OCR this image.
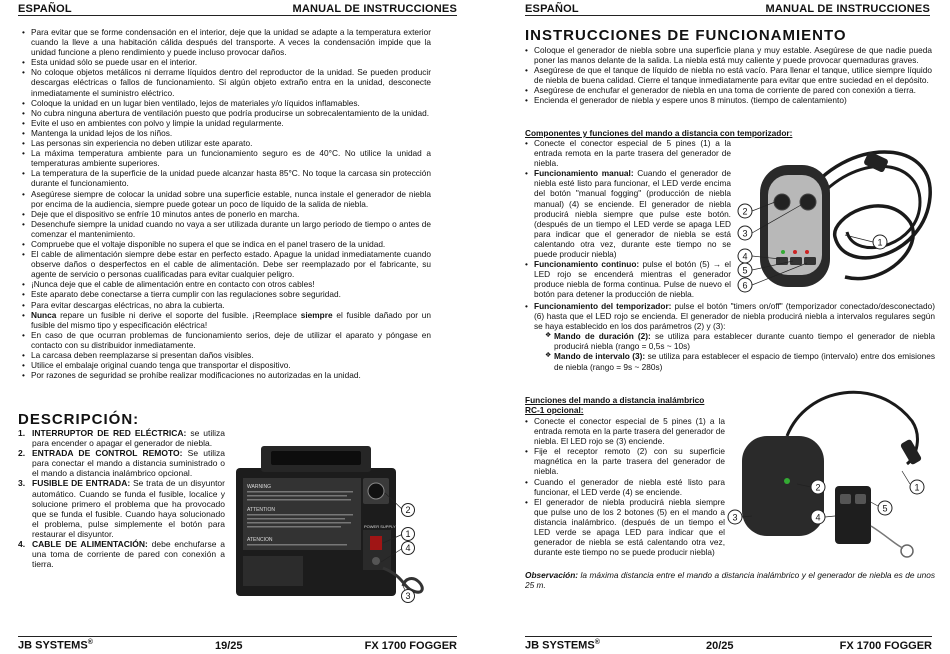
ESPAÑOL	MANUAL DE INSTRUCCIONES
• Para evitar que se forme condensación en el interior, deje que la unidad se adapte a la temperatura exterior cuando la lleve a una habitación cálida después del transporte. A veces la condensación impide que la unidad funcione a pleno rendimiento y puede incluso provocar daños.
• Esta unidad sólo se puede usar en el interior.
• No coloque objetos metálicos ni derrame líquidos dentro del reproductor de la unidad. Se pueden producir descargas eléctricas o fallos de funcionamiento. Si algún objeto extraño entra en la unidad, desconecte inmediatamente el suministro eléctrico.
• Coloque la unidad en un lugar bien ventilado, lejos de materiales y/o líquidos inflamables.
• No cubra ninguna abertura de ventilación puesto que podría producirse un sobrecalentamiento de la unidad.
• Evite el uso en ambientes con polvo y limpie la unidad regularmente.
• Mantenga la unidad lejos de los niños.
• Las personas sin experiencia no deben utilizar este aparato.
• La máxima temperatura ambiente para un funcionamiento seguro es de 40°C. No utilice la unidad a temperaturas ambiente superiores.
• La temperatura de la superficie de la unidad puede alcanzar hasta 85°C. No toque la carcasa sin protección durante el funcionamiento.
• Asegúrese siempre de colocar la unidad sobre una superficie estable, nunca instale el generador de niebla por encima de la audiencia, siempre puede gotear un poco de líquido de la salida de niebla.
• Deje que el dispositivo se enfríe 10 minutos antes de ponerlo en marcha.
• Desenchufe siempre la unidad cuando no vaya a ser utilizada durante un largo periodo de tiempo o antes de comenzar el mantenimiento.
• Compruebe que el voltaje disponible no supera el que se indica en el panel trasero de la unidad.
• El cable de alimentación siempre debe estar en perfecto estado. Apague la unidad inmediatamente cuando observe daños o desperfectos en el cable de alimentación. Debe ser reemplazado por el fabricante, su agente de servicio o personas cualificadas para evitar cualquier peligro.
• ¡Nunca deje que el cable de alimentación entre en contacto con otros cables!
• Este aparato debe conectarse a tierra cumplir con las regulaciones sobre seguridad.
• Para evitar descargas eléctricas, no abra la cubierta.
• Nunca repare un fusible ni derive el soporte del fusible. ¡Reemplace siempre el fusible dañado por un fusible del mismo tipo y especificación eléctrica!
• En caso de que ocurran problemas de funcionamiento serios, deje de utilizar el aparato y póngase en contacto con su distribuidor inmediatamente.
• La carcasa deben reemplazarse si presentan daños visibles.
• Utilice el embalaje original cuando tenga que transportar el dispositivo.
• Por razones de seguridad se prohíbe realizar modificaciones no autorizadas en la unidad.
DESCRIPCIÓN:
1. INTERRUPTOR DE RED ELÉCTRICA: se utiliza para encender o apagar el generador de niebla.
2. ENTRADA DE CONTROL REMOTO: Se utiliza para conectar el mando a distancia suministrado o el mando a distancia inalámbrico opcional.
3. FUSIBLE DE ENTRADA: Se trata de un disyuntor automático. Cuando se funda el fusible, localice y solucione primero el problema que ha provocado que se funda el fusible. Cuando haya solucionado el problema, pulse simplemente el botón para restaurar el disyuntor.
4. CABLE DE ALIMENTACIÓN: debe enchufarse a una toma de corriente de pared con conexión a tierra.
WARNING
ATTENTION
ATENCION
POWER SUPPLY
2
1
4
3
JB SYSTEMS®	19/25	FX 1700 FOGGER
ESPAÑOL	MANUAL DE INSTRUCCIONES
INSTRUCCIONES DE FUNCIONAMIENTO
• Coloque el generador de niebla sobre una superficie plana y muy estable. Asegúrese de que nadie pueda poner las manos delante de la salida. La niebla está muy caliente y puede provocar quemaduras graves.
• Asegúrese de que el tanque de líquido de niebla no está vacío. Para llenar el tanque, utilice siempre líquido de niebla de buena calidad. Cierre el tanque inmediatamente para evitar que entre suciedad en el depósito.
• Asegúrese de enchufar el generador de niebla en una toma de corriente de pared con conexión a tierra.
• Encienda el generador de niebla y espere unos 8 minutos. (tiempo de calentamiento)
Componentes y funciones del mando a distancia con temporizador:
• Conecte el conector especial de 5 pines (1) a la entrada remota en la parte trasera del generador de niebla.
• Funcionamiento manual: Cuando el generador de niebla esté listo para funcionar, el LED verde encima del botón "manual fogging" (producción de niebla manual) (4) se enciende. El generador de niebla producirá niebla siempre que pulse este botón. (después de un tiempo el LED verde se apaga LED para indicar que el generador de niebla se está calentando otra vez, durante este tiempo no se puede producir niebla)
• Funcionamiento continuo: pulse el botón (5) → el LED rojo se encenderá mientras el generador produce niebla de forma continua. Pulse de nuevo el botón para detener la producción de niebla.
• Funcionamiento del temporizador: pulse el botón "timers on/off" (temporizador conectado/desconectado) (6) hasta que el LED rojo se encienda. El generador de niebla producirá niebla a intervalos regulares según se haya establecido en los dos parámetros (2) y (3):
❖ Mando de duración (2): se utiliza para establecer durante cuanto tiempo el generador de niebla producirá niebla (rango = 0,5s ~ 10s)
❖ Mando de intervalo (3): se utiliza para establecer el espacio de tiempo (intervalo) entre dos emisiones de niebla (rango = 9s ~ 280s)
1
2
3
4
5
6
Funciones del mando a distancia inalámbrico
RC-1 opcional:
• Conecte el conector especial de 5 pines (1) a la entrada remota en la parte trasera del generador de niebla. El LED rojo se (3) enciende.
• Fije el receptor remoto (2) con su superficie magnética en la parte trasera del generador de niebla.
• Cuando el generador de niebla esté listo para funcionar, el LED verde (4) se enciende.
• El generador de niebla producirá niebla siempre que pulse uno de los 2 botones (5) en el mando a distancia inalámbrico. (después de un tiempo el LED verde se apaga LED para indicar que el generador de niebla se está calentando otra vez, durante este tiempo no se puede producir niebla)
1
2
3	4
5
Observación: la máxima distancia entre el mando a distancia inalámbrico y el generador de niebla es de unos 25 m.
JB SYSTEMS®	20/25	FX 1700 FOGGER
